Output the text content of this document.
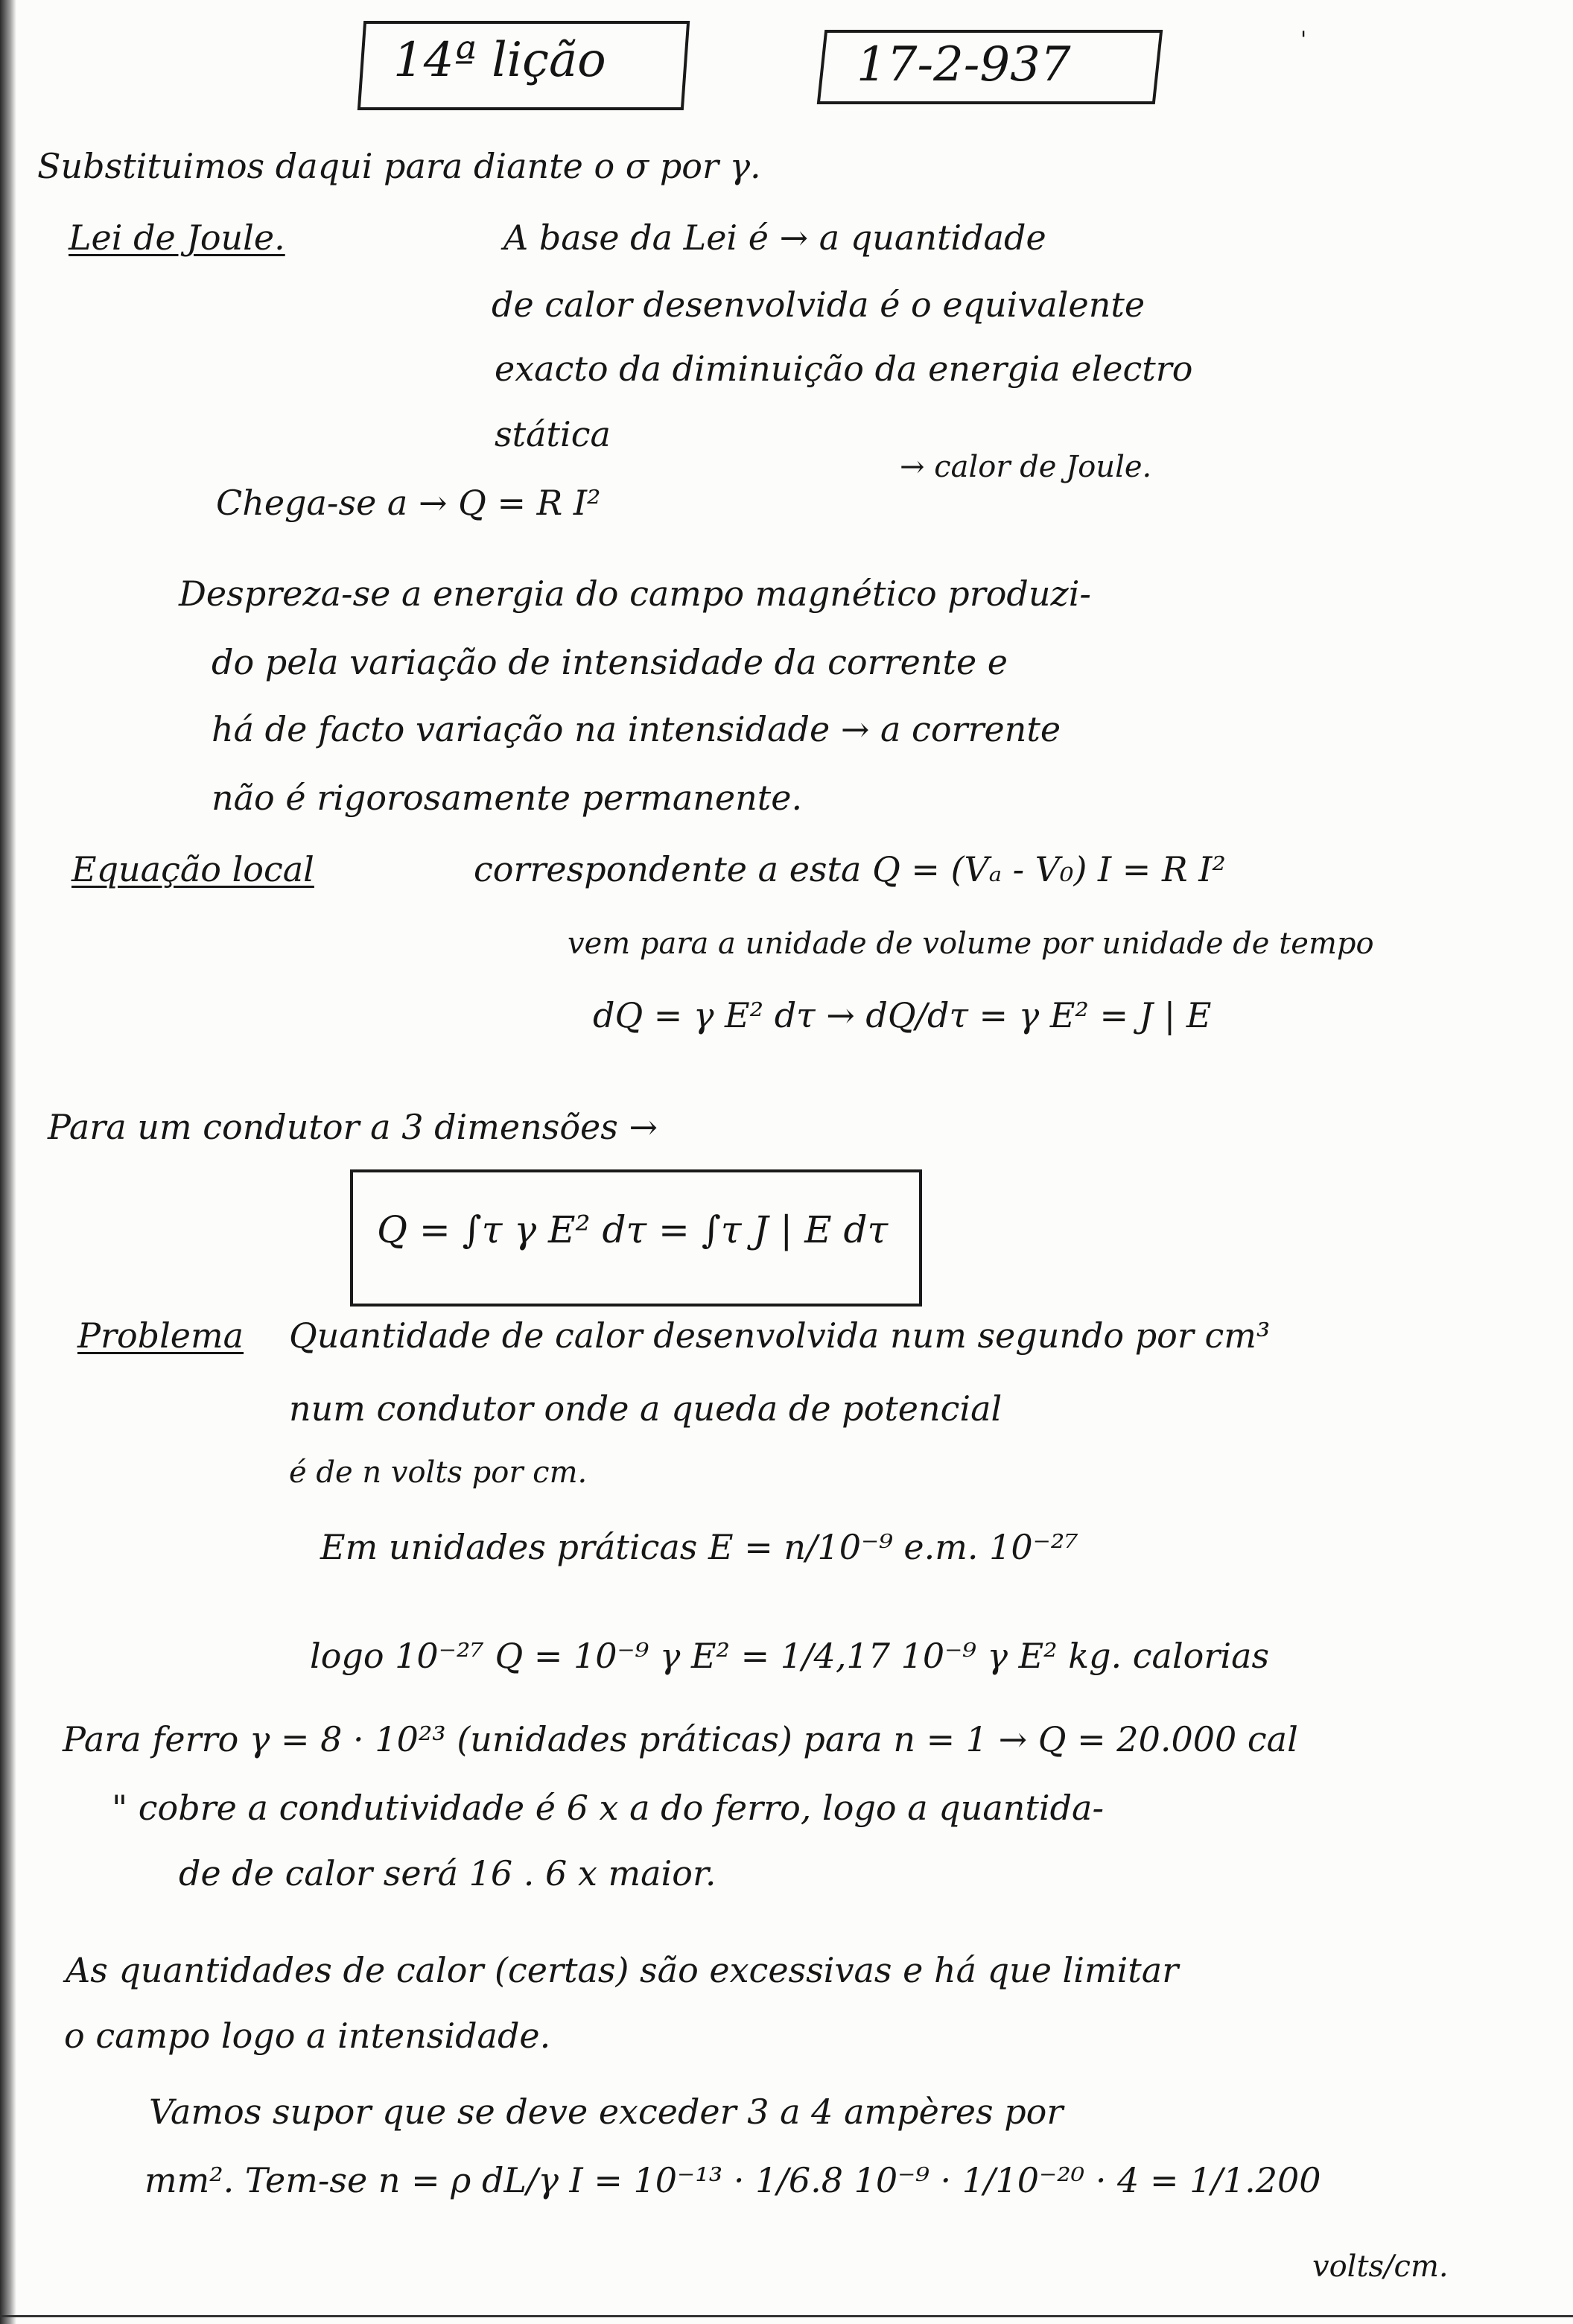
14ª lição	17-2-937	'
Substituimos daqui para diante o σ por γ.
Lei de Joule.	A base da Lei é → a quantidade
de calor desenvolvida é o equivalente
exacto da diminuição da energia electro
stática
Chega-se a → Q = R I²
→ calor de Joule.
Despreza-se a energia do campo magnético produzi-
do pela variação de intensidade da corrente e
há de facto variação na intensidade → a corrente
não é rigorosamente permanente.
Equação local	correspondente a esta Q = (Vₐ - V₀) I = R I²
vem para a unidade de volume por unidade de tempo
dQ = γ E² dτ → dQ/dτ = γ E² = J | E
Para um condutor a 3 dimensões →
Q = ∫τ γ E² dτ = ∫τ J | E dτ
Problema Quantidade de calor desenvolvida num segundo por cm³
num condutor onde a queda de potencial
é de n volts por cm.
Em unidades práticas E = n/10⁻⁹ e.m. 10⁻²⁷
logo 10⁻²⁷ Q = 10⁻⁹ γ E² = 1/4,17 10⁻⁹ γ E² kg. calorias
Para ferro γ = 8 · 10²³ (unidades práticas) para n = 1 → Q = 20.000 cal
" cobre a condutividade é 6 x a do ferro, logo a quantida-
de de calor será 16 . 6 x maior.
As quantidades de calor (certas) são excessivas e há que limitar
o campo logo a intensidade.
Vamos supor que se deve exceder 3 a 4 ampères por
mm². Tem-se n = ρ dL/γ I = 10⁻¹³ · 1/6.8 10⁻⁹ · 1/10⁻²⁰ · 4 = 1/1.200
volts/cm.
